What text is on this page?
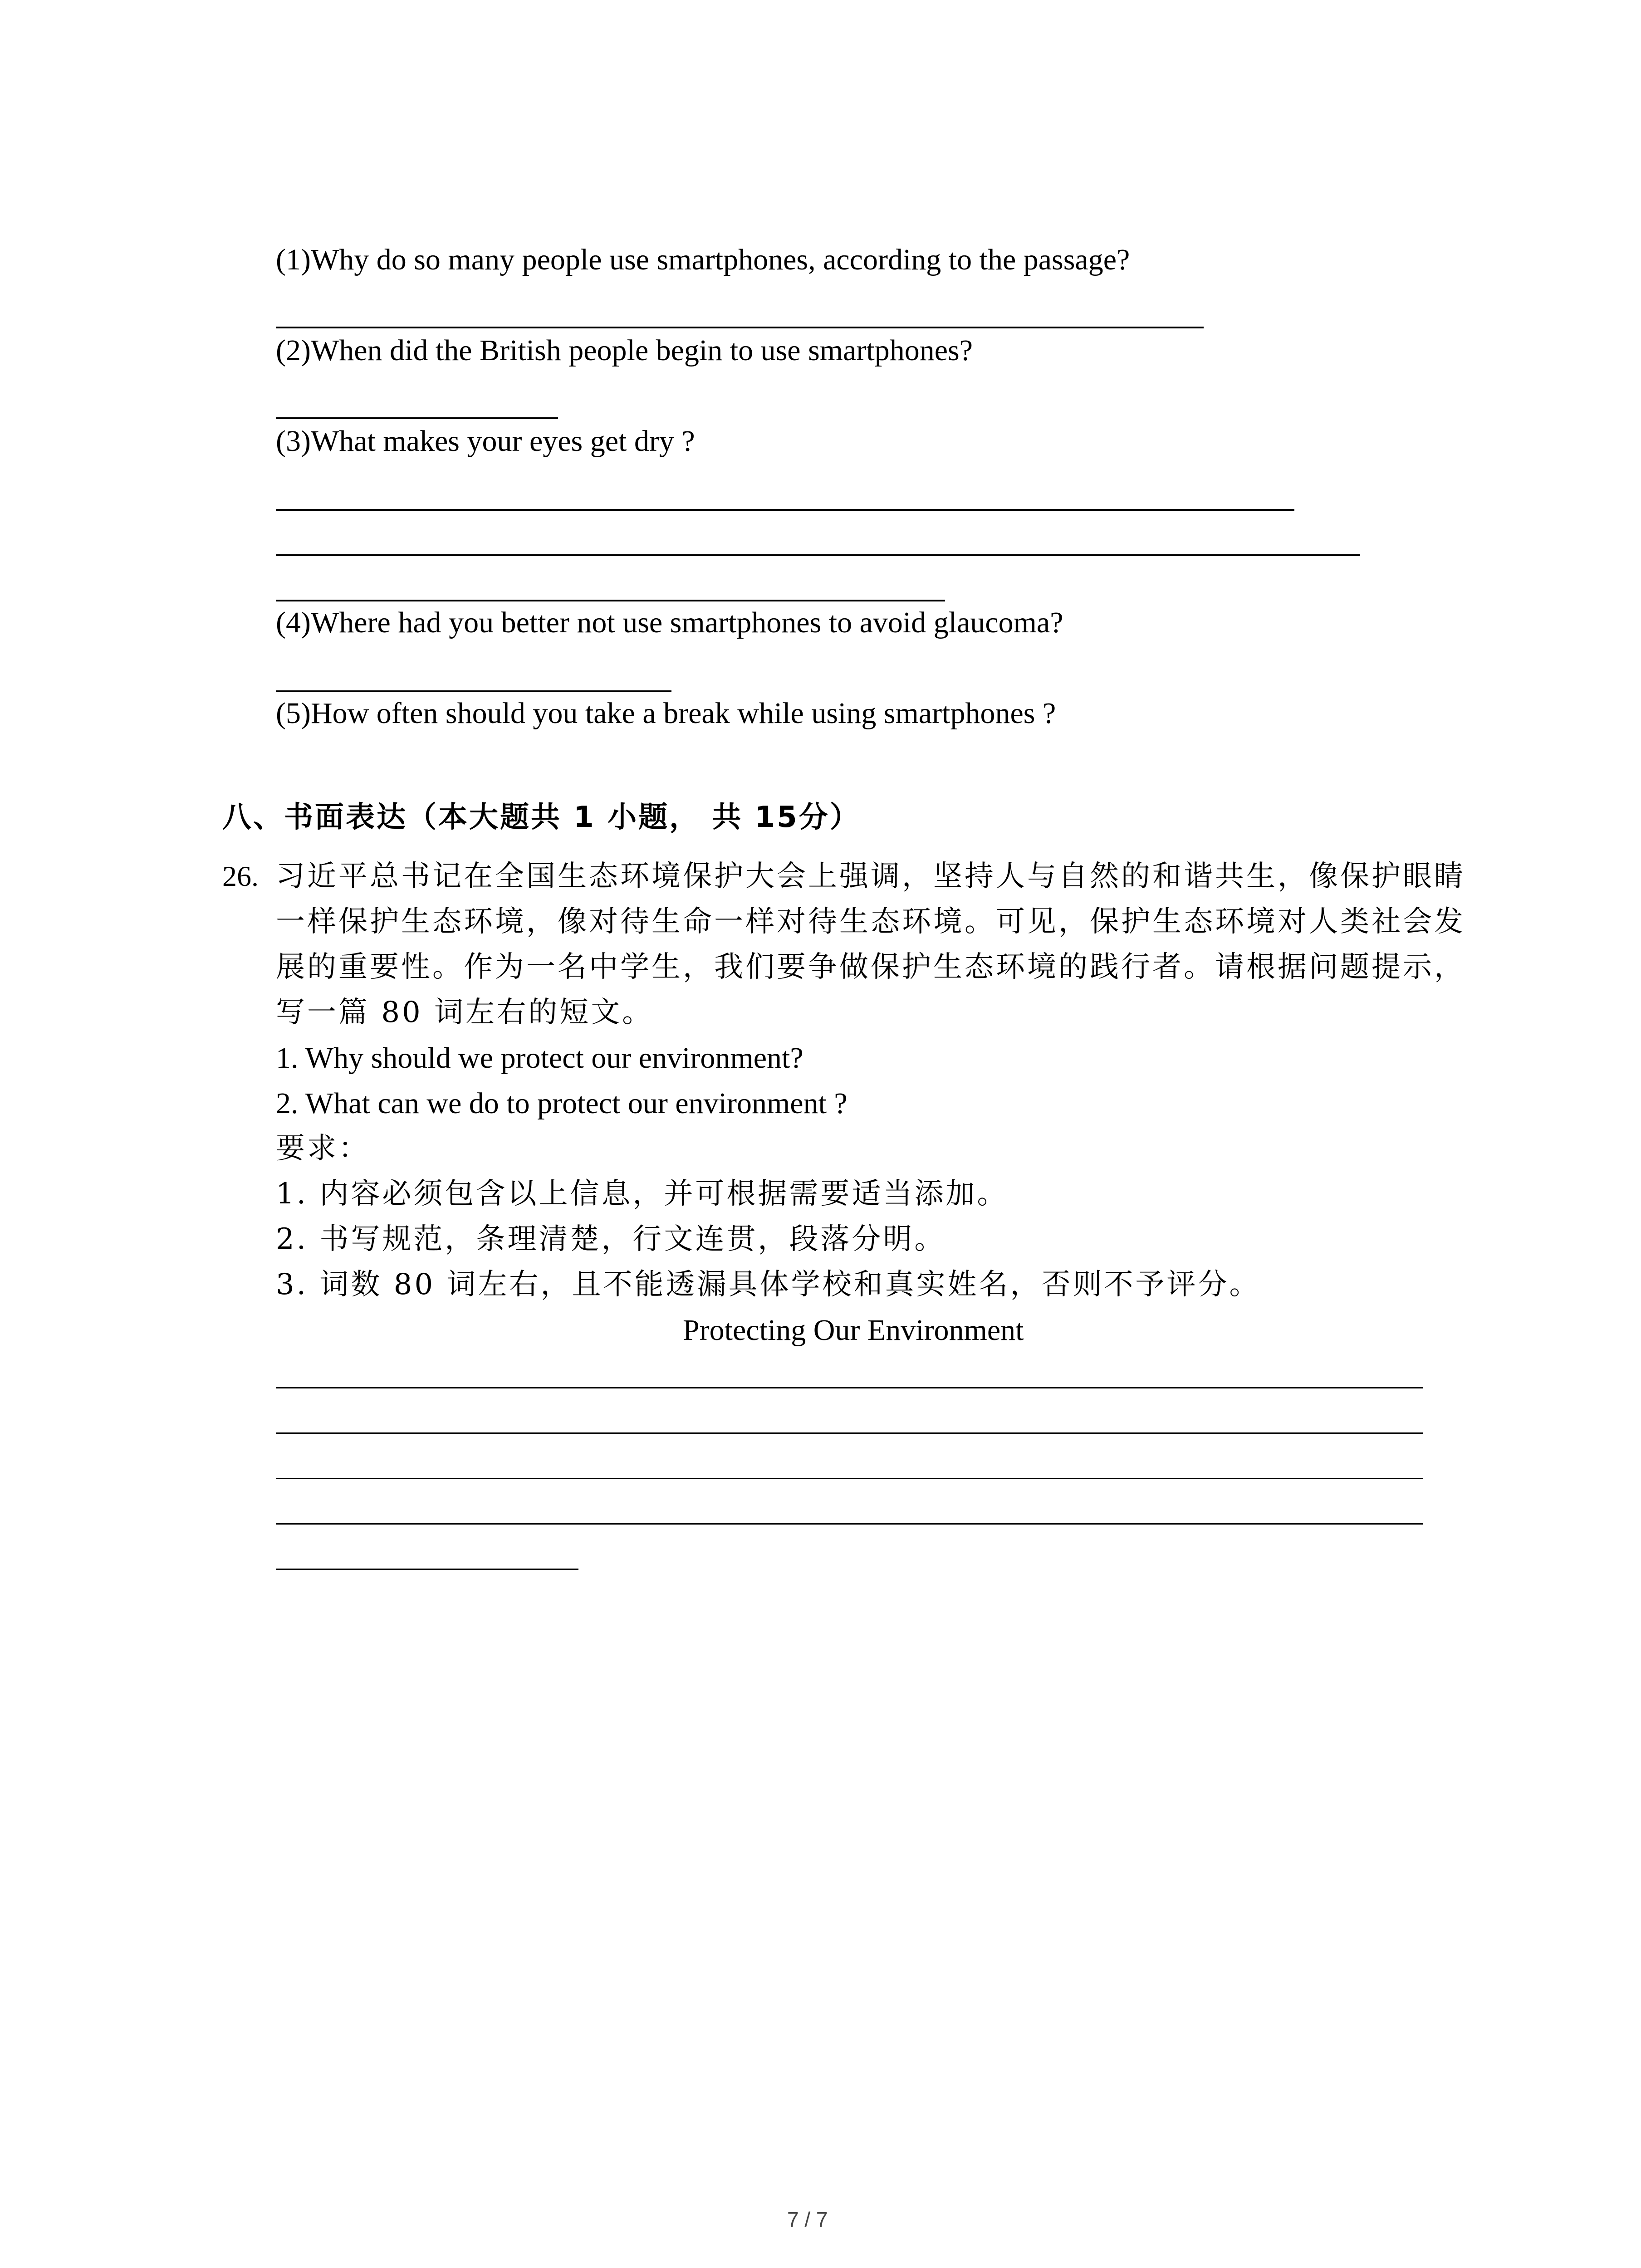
(1)Why do so many people use smartphones, according to the passage?
(2)When did the British people begin to use smartphones?
(3)What makes your eyes get dry ?
(4)Where had you better not use smartphones to avoid glaucoma?
(5)How often should you take a break while using smartphones ?
八、书面表达（本大题共 1 小题， 共 15分）
26. 习近平总书记在全国生态环境保护大会上强调，坚持人与自然的和谐共生，像保护眼睛
一样保护生态环境，像对待生命一样对待生态环境。可见，保护生态环境对人类社会发
展的重要性。作为一名中学生，我们要争做保护生态环境的践行者。请根据问题提示，
写一篇 80 词左右的短文。
1. Why should we protect our environment?
2. What can we do to protect our environment ?
要求：
1. 内容必须包含以上信息，并可根据需要适当添加。
2. 书写规范，条理清楚，行文连贯，段落分明。
3. 词数 80 词左右，且不能透漏具体学校和真实姓名，否则不予评分。
Protecting Our Environment
7 / 7
